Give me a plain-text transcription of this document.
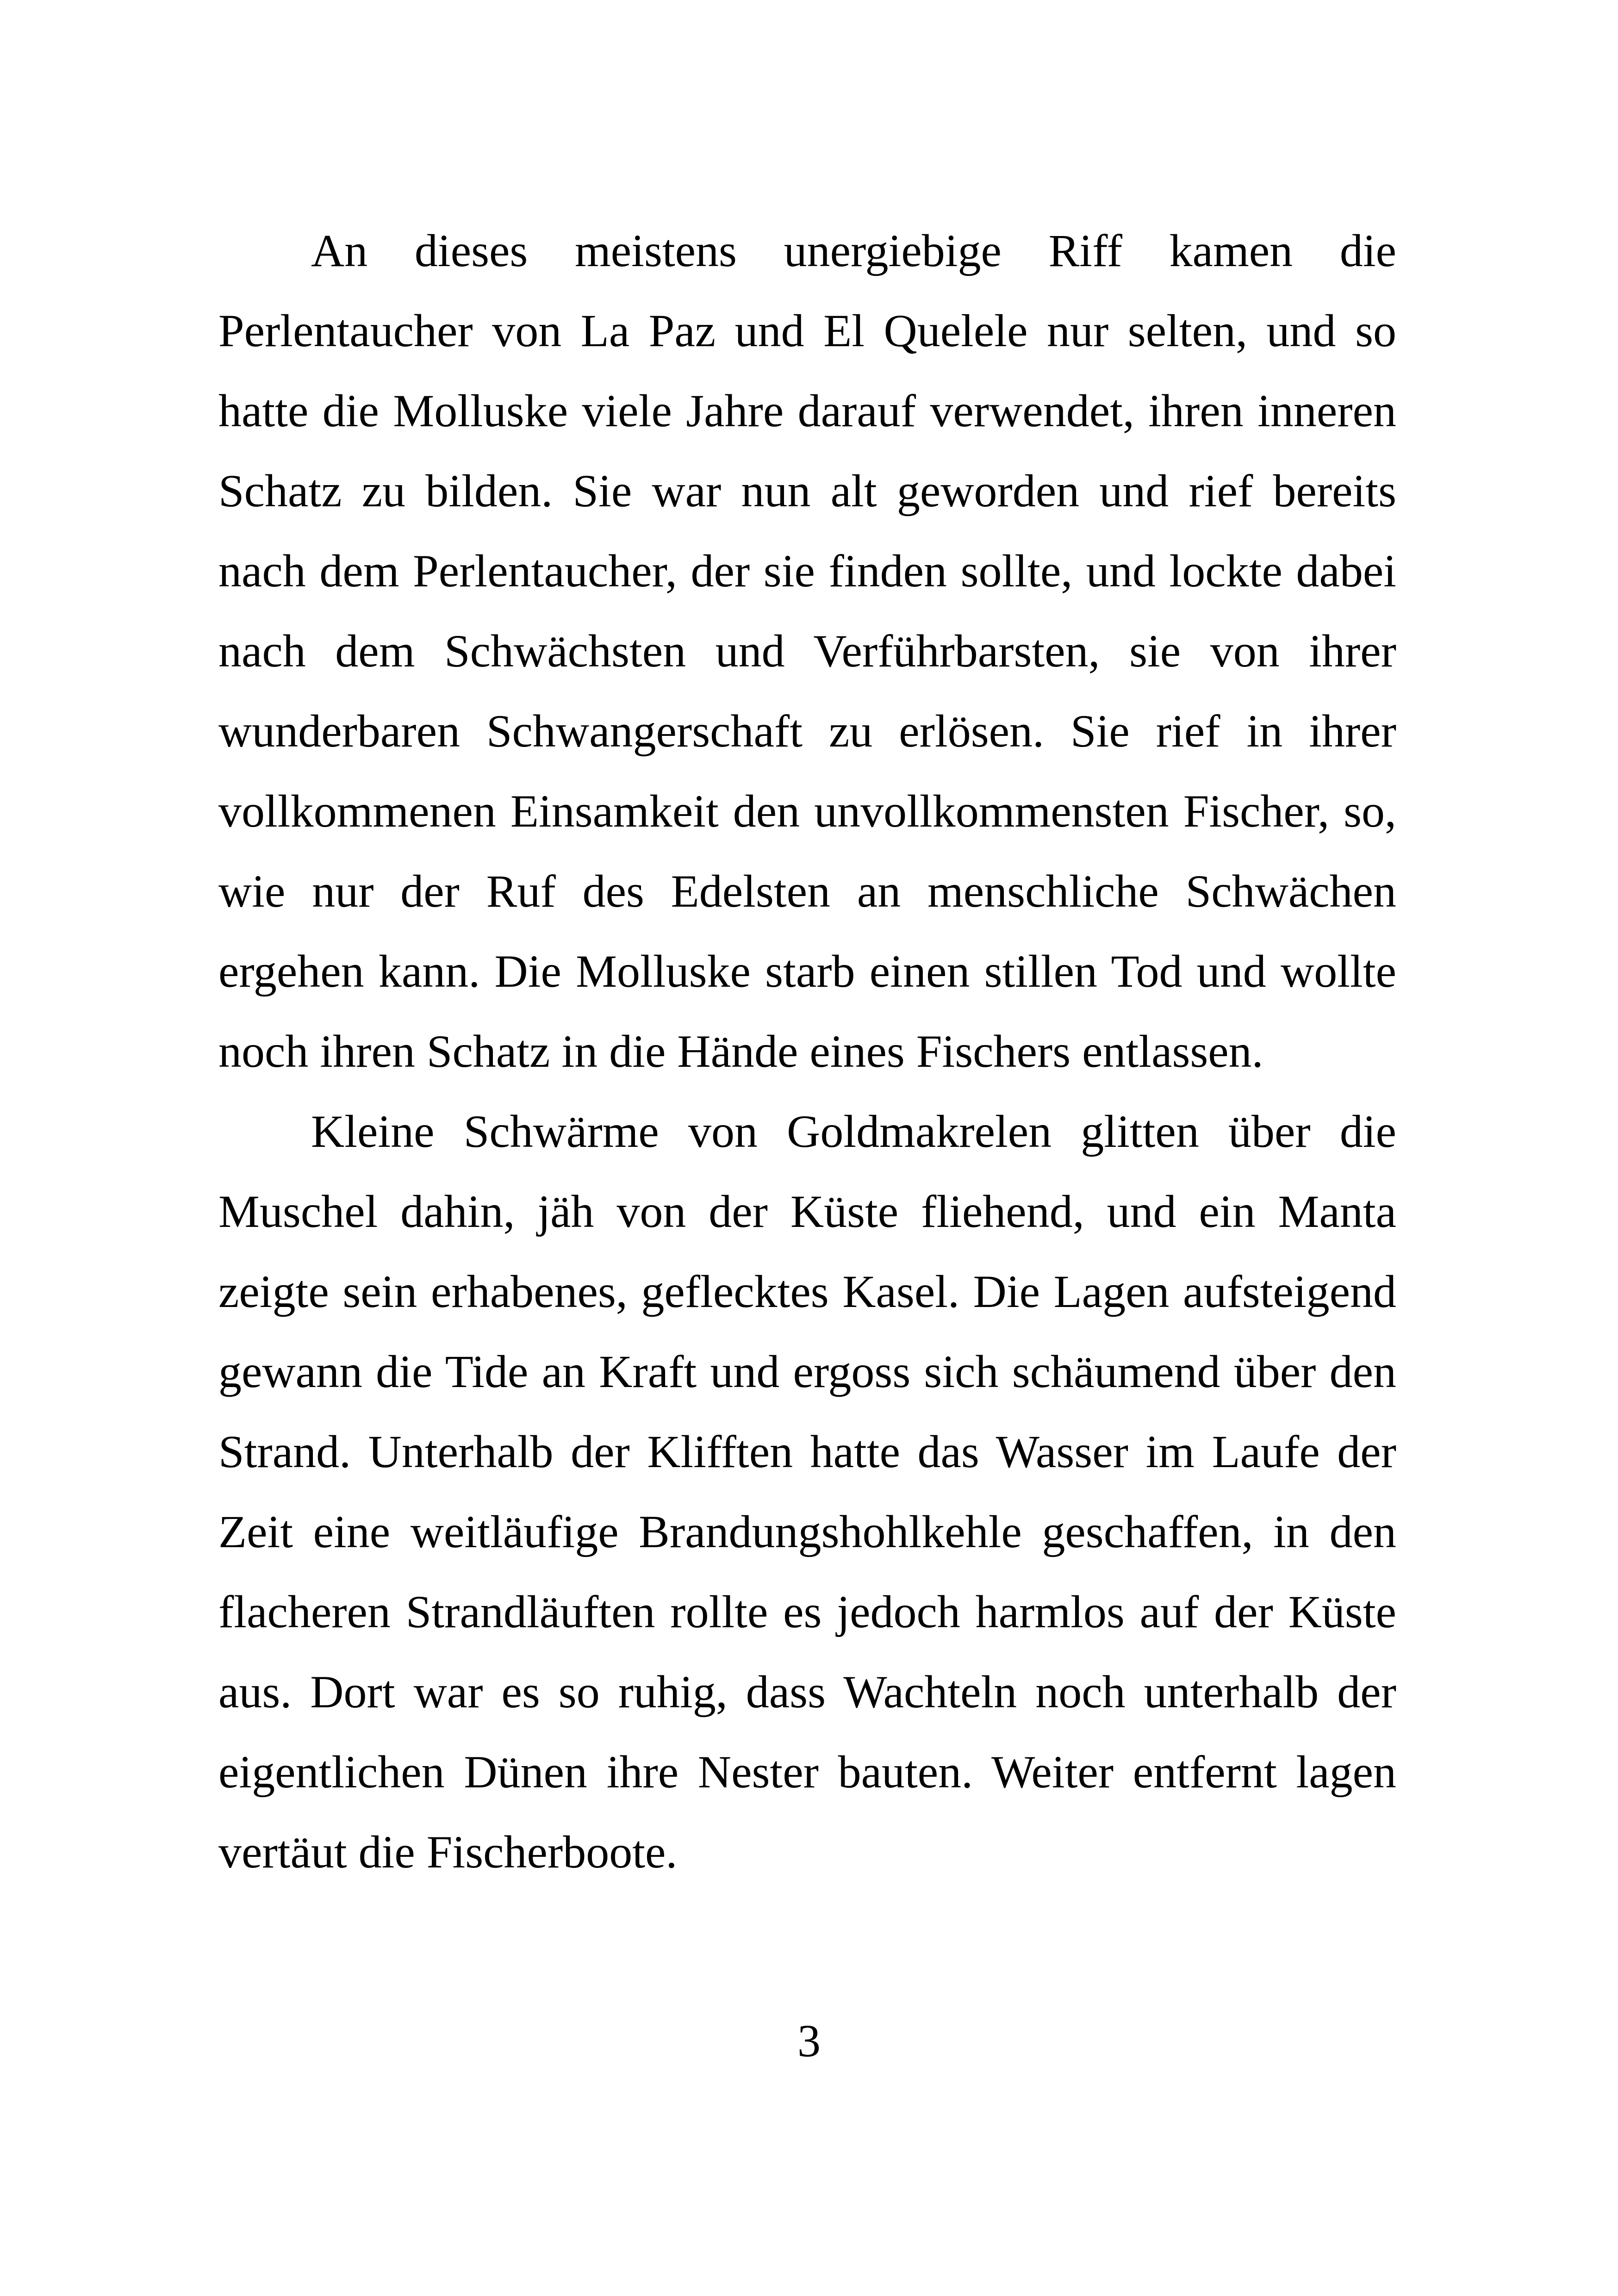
An dieses meistens unergiebige Riff kamen die Perlentaucher von La Paz und El Quelele nur selten, und so hatte die Molluske viele Jahre darauf verwendet, ihren inneren Schatz zu bilden. Sie war nun alt geworden und rief bereits nach dem Perlentaucher, der sie finden sollte, und lockte dabei nach dem Schwächsten und Verführbarsten, sie von ihrer wunderbaren Schwangerschaft zu erlösen. Sie rief in ihrer vollkommenen Einsamkeit den unvollkommensten Fischer, so, wie nur der Ruf des Edelsten an menschliche Schwächen ergehen kann. Die Molluske starb einen stillen Tod und wollte noch ihren Schatz in die Hände eines Fischers entlassen.

Kleine Schwärme von Goldmakrelen glitten über die Muschel dahin, jäh von der Küste fliehend, und ein Manta zeigte sein erhabenes, geflecktes Kasel. Die Lagen aufsteigend gewann die Tide an Kraft und ergoss sich schäumend über den Strand. Unterhalb der Klifften hatte das Wasser im Laufe der Zeit eine weitläufige Brandungshohlkehle geschaffen, in den flacheren Strandläuften rollte es jedoch harmlos auf der Küste aus. Dort war es so ruhig, dass Wachteln noch unterhalb der eigentlichen Dünen ihre Nester bauten. Weiter entfernt lagen vertäut die Fischerboote.

3
